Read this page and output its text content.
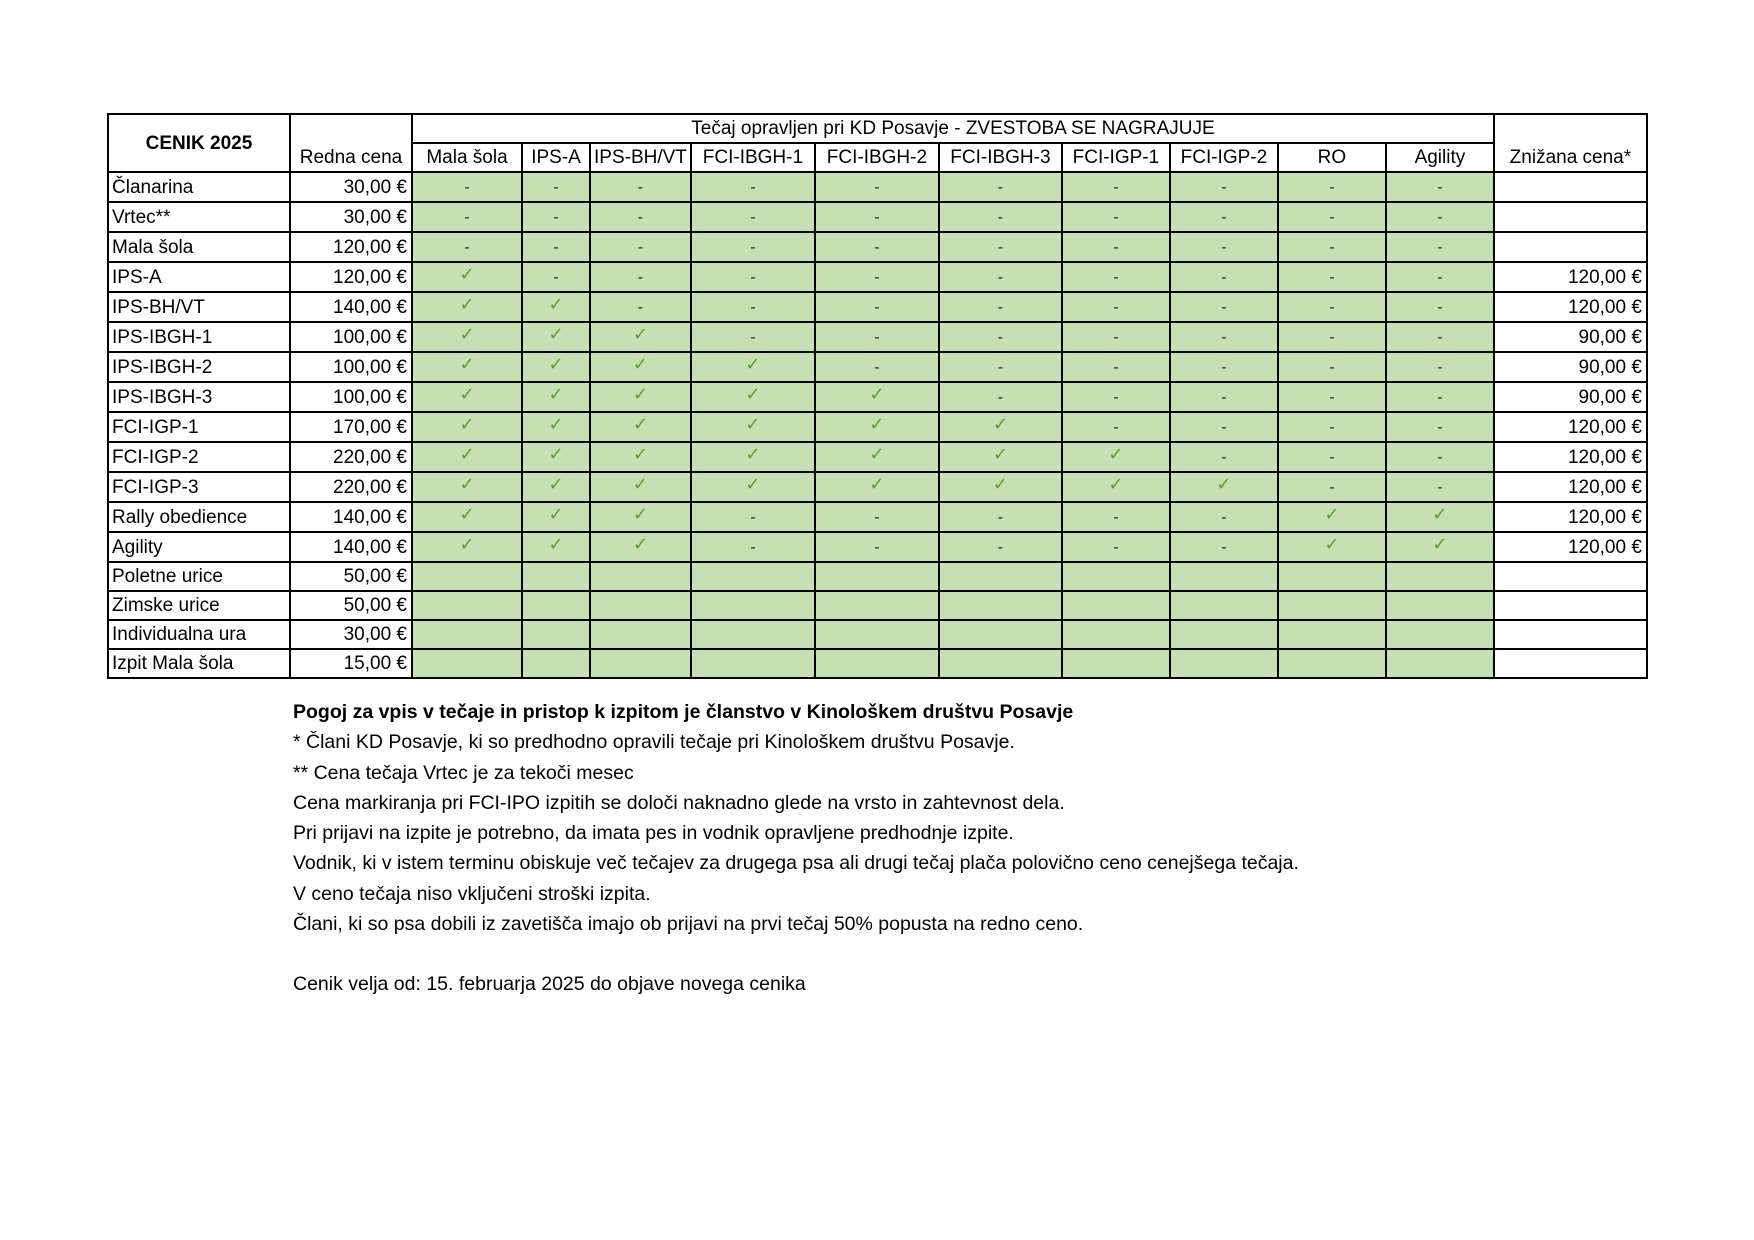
CENIK 2025	Redna cena	Tečaj opravljen pri KD Posavje - ZVESTOBA SE NAGRAJUJE										Znižana cena*
		Mala šola	IPS-A	IPS-BH/VT	FCI-IBGH-1	FCI-IBGH-2	FCI-IBGH-3	FCI-IGP-1	FCI-IGP-2	RO	Agility	
Članarina	30,00 €	-	-	-	-	-	-	-	-	-	-	
Vrtec**	30,00 €	-	-	-	-	-	-	-	-	-	-	
Mala šola	120,00 €	-	-	-	-	-	-	-	-	-	-	
IPS-A	120,00 €	✓	-	-	-	-	-	-	-	-	-	120,00 €
IPS-BH/VT	140,00 €	✓	✓	-	-	-	-	-	-	-	-	120,00 €
IPS-IBGH-1	100,00 €	✓	✓	✓	-	-	-	-	-	-	-	90,00 €
IPS-IBGH-2	100,00 €	✓	✓	✓	✓	-	-	-	-	-	-	90,00 €
IPS-IBGH-3	100,00 €	✓	✓	✓	✓	✓	-	-	-	-	-	90,00 €
FCI-IGP-1	170,00 €	✓	✓	✓	✓	✓	✓	-	-	-	-	120,00 €
FCI-IGP-2	220,00 €	✓	✓	✓	✓	✓	✓	✓	-	-	-	120,00 €
FCI-IGP-3	220,00 €	✓	✓	✓	✓	✓	✓	✓	✓	-	-	120,00 €
Rally obedience	140,00 €	✓	✓	✓	-	-	-	-	-	✓	✓	120,00 €
Agility	140,00 €	✓	✓	✓	-	-	-	-	-	✓	✓	120,00 €
Poletne urice	50,00 €											
Zimske urice	50,00 €											
Individualna ura	30,00 €											
Izpit Mala šola	15,00 €											

Pogoj za vpis v tečaje in pristop k izpitom je članstvo v Kinološkem društvu Posavje

* Člani KD Posavje, ki so predhodno opravili tečaje pri Kinološkem društvu Posavje.

** Cena tečaja Vrtec je za tekoči mesec

Cena markiranja pri FCI-IPO izpitih se določi naknadno glede na vrsto in zahtevnost dela.

Pri prijavi na izpite je potrebno, da imata pes in vodnik opravljene predhodnje izpite.

Vodnik, ki v istem terminu obiskuje več tečajev za drugega psa ali drugi tečaj plača polovično ceno cenejšega tečaja.

V ceno tečaja niso vključeni stroški izpita.

Člani, ki so psa dobili iz zavetišča imajo ob prijavi na prvi tečaj 50% popusta na redno ceno.

Cenik velja od: 15. februarja 2025 do objave novega cenika
